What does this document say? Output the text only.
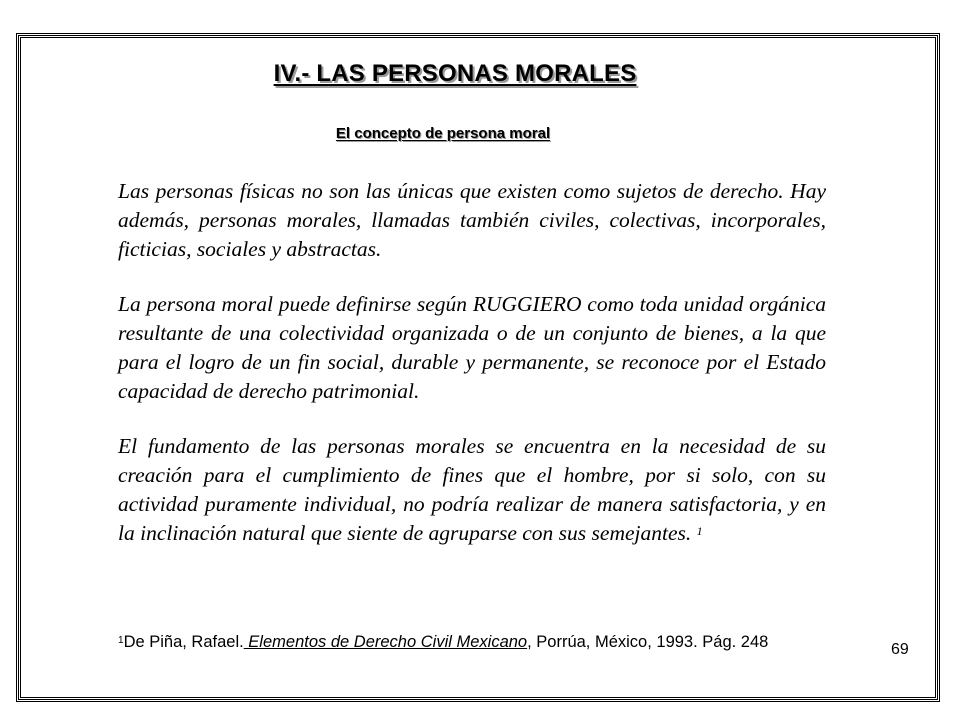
IV.- LAS PERSONAS MORALES
El concepto de persona moral

Las personas físicas no son las únicas que existen como sujetos de derecho. Hay además, personas morales, llamadas también civiles, colectivas, incorporales, ficticias, sociales y abstractas.

La persona moral puede definirse según RUGGIERO como toda unidad orgánica resultante de una colectividad organizada o de un conjunto de bienes, a la que para el logro de un fin social, durable y permanente, se reconoce por el Estado capacidad de derecho patrimonial.

El fundamento de las personas morales se encuentra en la necesidad de su creación para el cumplimiento de fines que el hombre, por si solo, con su actividad puramente individual, no podría realizar de manera satisfactoria, y en la inclinación natural que siente de agruparse con sus semejantes. $^1$

$^1$De Piña, Rafael. Elementos de Derecho Civil Mexicano, Porrúa, México, 1993. Pág. 248	69
